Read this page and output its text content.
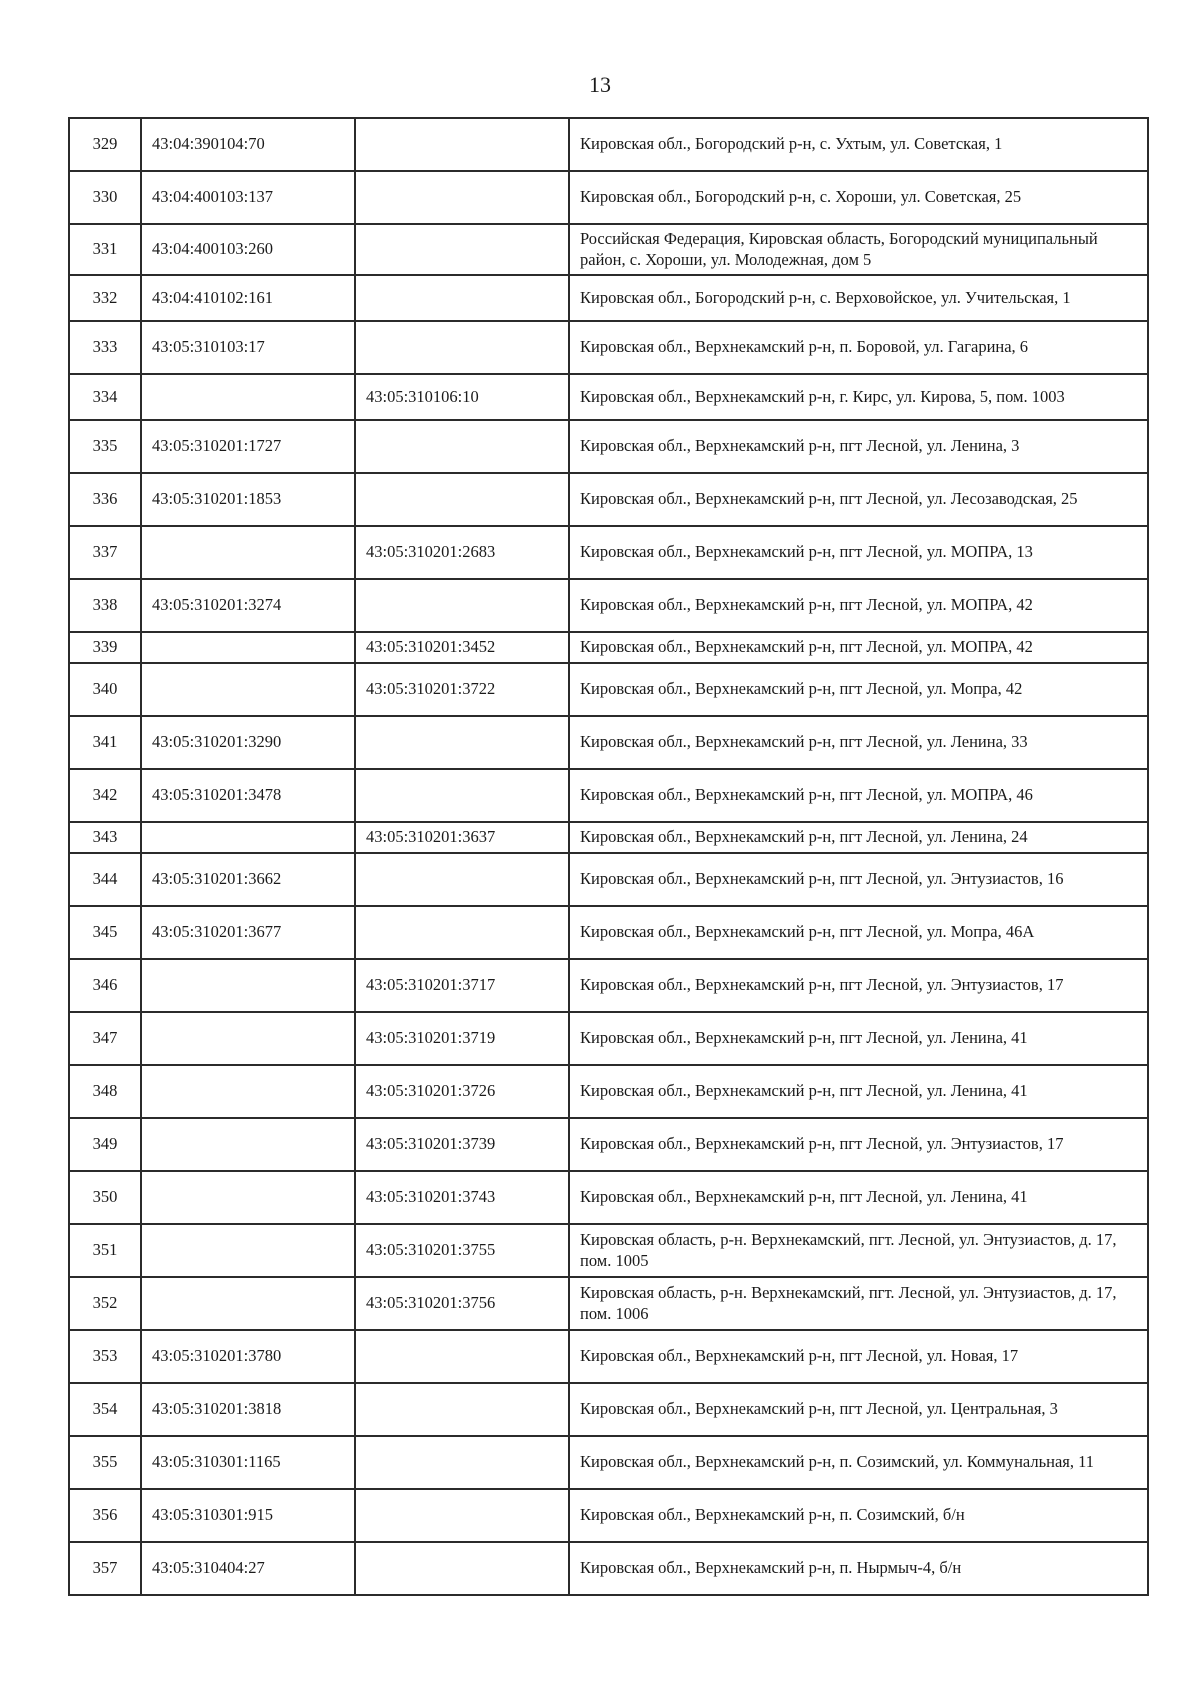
13
329	43:04:390104:70		Кировская обл., Богородский р-н, с. Ухтым, ул. Советская, 1
330	43:04:400103:137		Кировская обл., Богородский р-н, с. Хороши, ул. Советская, 25
331	43:04:400103:260		Российская Федерация, Кировская область, Богородский муниципальный район, с. Хороши, ул. Молодежная, дом 5
332	43:04:410102:161		Кировская обл., Богородский р-н, с. Верховойское, ул. Учительская, 1
333	43:05:310103:17		Кировская обл., Верхнекамский р-н, п. Боровой, ул. Гагарина, 6
334		43:05:310106:10	Кировская обл., Верхнекамский р-н, г. Кирс, ул. Кирова, 5, пом. 1003
335	43:05:310201:1727		Кировская обл., Верхнекамский р-н, пгт Лесной, ул. Ленина, 3
336	43:05:310201:1853		Кировская обл., Верхнекамский р-н, пгт Лесной, ул. Лесозаводская, 25
337		43:05:310201:2683	Кировская обл., Верхнекамский р-н, пгт Лесной, ул. МОПРА, 13
338	43:05:310201:3274		Кировская обл., Верхнекамский р-н, пгт Лесной, ул. МОПРА, 42
339		43:05:310201:3452	Кировская обл., Верхнекамский р-н, пгт Лесной, ул. МОПРА, 42
340		43:05:310201:3722	Кировская обл., Верхнекамский р-н, пгт Лесной, ул. Мопра, 42
341	43:05:310201:3290		Кировская обл., Верхнекамский р-н, пгт Лесной, ул. Ленина, 33
342	43:05:310201:3478		Кировская обл., Верхнекамский р-н, пгт Лесной, ул. МОПРА, 46
343		43:05:310201:3637	Кировская обл., Верхнекамский р-н, пгт Лесной, ул. Ленина, 24
344	43:05:310201:3662		Кировская обл., Верхнекамский р-н, пгт Лесной, ул. Энтузиастов, 16
345	43:05:310201:3677		Кировская обл., Верхнекамский р-н, пгт Лесной, ул. Мопра, 46А
346		43:05:310201:3717	Кировская обл., Верхнекамский р-н, пгт Лесной, ул. Энтузиастов, 17
347		43:05:310201:3719	Кировская обл., Верхнекамский р-н, пгт Лесной, ул. Ленина, 41
348		43:05:310201:3726	Кировская обл., Верхнекамский р-н, пгт Лесной, ул. Ленина, 41
349		43:05:310201:3739	Кировская обл., Верхнекамский р-н, пгт Лесной, ул. Энтузиастов, 17
350		43:05:310201:3743	Кировская обл., Верхнекамский р-н, пгт Лесной, ул. Ленина, 41
351		43:05:310201:3755	Кировская область, р-н. Верхнекамский, пгт. Лесной, ул. Энтузиастов, д. 17, пом. 1005
352		43:05:310201:3756	Кировская область, р-н. Верхнекамский, пгт. Лесной, ул. Энтузиастов, д. 17, пом. 1006
353	43:05:310201:3780		Кировская обл., Верхнекамский р-н, пгт Лесной, ул. Новая, 17
354	43:05:310201:3818		Кировская обл., Верхнекамский р-н, пгт Лесной, ул. Центральная, 3
355	43:05:310301:1165		Кировская обл., Верхнекамский р-н, п. Созимский, ул. Коммунальная, 11
356	43:05:310301:915		Кировская обл., Верхнекамский р-н, п. Созимский, б/н
357	43:05:310404:27		Кировская обл., Верхнекамский р-н, п. Нырмыч-4, б/н
